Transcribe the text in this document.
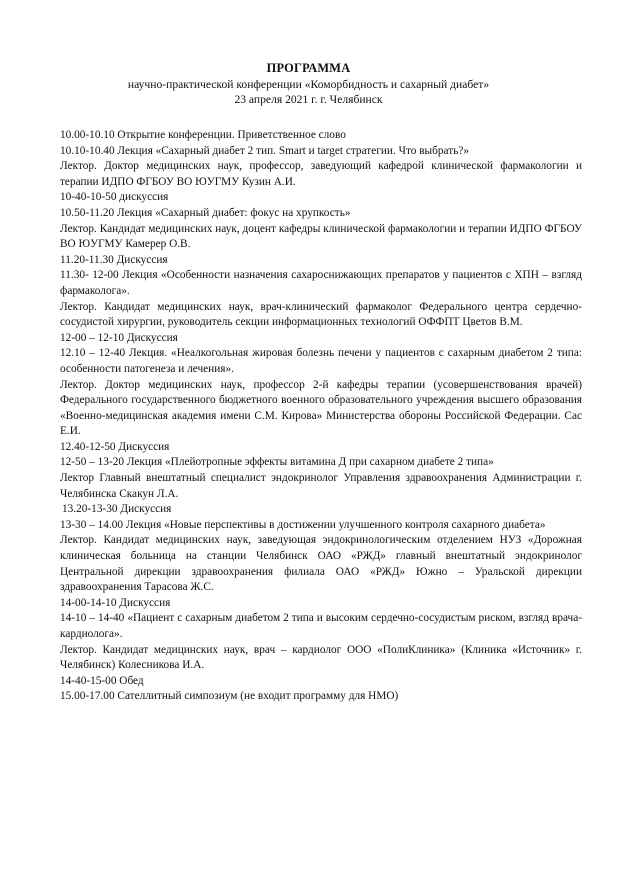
ПРОГРАММА
научно-практической конференции «Коморбидность и сахарный диабет»
23 апреля 2021 г. г. Челябинск

10.00-10.10 Открытие конференции. Приветственное слово

10.10-10.40 Лекция «Сахарный диабет 2 тип. Smart и target стратегии. Что выбрать?»

Лектор. Доктор медицинских наук, профессор, заведующий кафедрой клинической фармакологии и терапии ИДПО ФГБОУ ВО ЮУГМУ Кузин А.И.

10-40-10-50 дискуссия

10.50-11.20 Лекция «Сахарный диабет: фокус на хрупкость»

Лектор. Кандидат медицинских наук, доцент кафедры клинической фармакологии и терапии ИДПО ФГБОУ ВО ЮУГМУ Камерер О.В.

11.20-11.30 Дискуссия

11.30- 12-00 Лекция «Особенности назначения сахароснижающих препаратов у пациентов с ХПН – взгляд фармаколога».

Лектор. Кандидат медицинских наук, врач-клинический фармаколог Федерального центра сердечно-сосудистой хирургии, руководитель секции информационных технологий ОФФПТ Цветов В.М.

12-00 – 12-10 Дискуссия

12.10 – 12-40 Лекция. «Неалкогольная жировая болезнь печени у пациентов с сахарным диабетом 2 типа: особенности патогенеза и лечения».

Лектор. Доктор медицинских наук, профессор 2-й кафедры терапии (усовершенствования врачей) Федерального государственного бюджетного военного образовательного учреждения высшего образования «Военно-медицинская академия имени С.М. Кирова» Министерства обороны Российской Федерации. Сас Е.И.

12.40-12-50 Дискуссия

12-50 – 13-20 Лекция «Плейотропные эффекты витамина Д при сахарном диабете 2 типа»

Лектор Главный внештатный специалист эндокринолог Управления здравоохранения Администрации г. Челябинска Скакун Л.А.

13.20-13-30 Дискуссия

13-30 – 14.00 Лекция «Новые перспективы в достижении улучшенного контроля сахарного диабета»

Лектор. Кандидат медицинских наук, заведующая эндокринологическим отделением НУЗ «Дорожная клиническая больница на станции Челябинск ОАО «РЖД» главный внештатный эндокринолог Центральной дирекции здравоохранения филиала ОАО «РЖД» Южно – Уральской дирекции здравоохранения Тарасова Ж.С.

14-00-14-10 Дискуссия

14-10 – 14-40 «Пациент с сахарным диабетом 2 типа и высоким сердечно-сосудистым риском, взгляд врача-кардиолога».

Лектор. Кандидат медицинских наук, врач – кардиолог ООО «ПолиКлиника» (Клиника «Источник» г. Челябинск) Колесникова И.А.

14-40-15-00 Обед

15.00-17.00 Сателлитный симпозиум (не входит программу для НМО)
